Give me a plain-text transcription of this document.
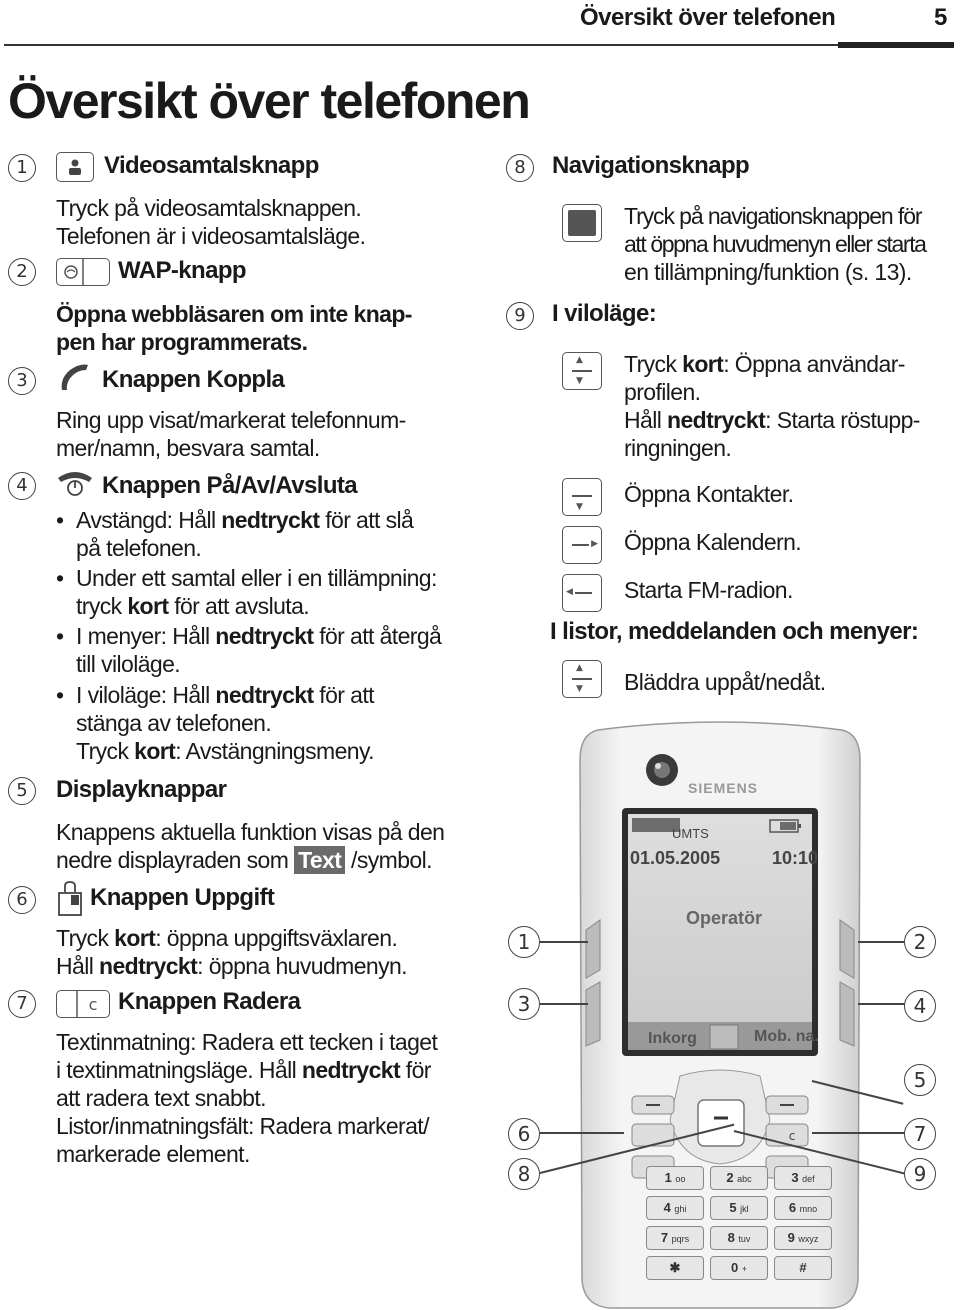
Översikt över telefonen	5
Översikt över telefonen
1	Videosamtalsknapp
Tryck på videosamtalsknappen.
Telefonen är i videosamtalsläge.
2	WAP-knapp
Öppna webbläsaren om inte knap-
pen har programmerats.
3	Knappen Koppla
Ring upp visat/markerat telefonnum-
mer/namn, besvara samtal.
4	Knappen På/Av/Avsluta
• Avstängd: Håll nedtryckt för att slå
på telefonen.
• Under ett samtal eller i en tillämpning:
tryck kort för att avsluta.
• I menyer: Håll nedtryckt för att återgå
till viloläge.
• I viloläge: Håll nedtryckt för att
stänga av telefonen.
Tryck kort: Avstängningsmeny.
5	Displayknappar
Knappens aktuella funktion visas på den
nedre displayraden som Text /symbol.
6	Knappen Uppgift
Tryck kort: öppna uppgiftsväxlaren.
Håll nedtryckt: öppna huvudmenyn.
7	c Knappen Radera
Textinmatning: Radera ett tecken i taget
i textinmatningsläge. Håll nedtryckt för
att radera text snabbt.
Listor/inmatningsfält: Radera markerat/
markerade element.
8	Navigationsknapp
Tryck på navigationsknappen för
att öppna huvudmenyn eller starta
en tillämpning/funktion (s. 13).
9	I viloläge:
▲
▼
Tryck kort: Öppna användar-
profilen.
Håll nedtryckt: Starta röstupp-
ringningen.
▼ Öppna Kontakter.
▶ Öppna Kalendern.
◀ Starta FM-radion.
I listor, meddelanden och menyer:
▲
▼ Bläddra uppåt/nedåt.
c
SIEMENS
UMTS
01.05.2005	10:10
Operatör
Inkorg	Mob. na.
1 οο	2 abc	3 def
4 ghi	5 jkl	6 mno
7 pqrs	8 tuv	9 wxyz
✱	0 +	#
1	2
3	4
5
6	7
8	9
